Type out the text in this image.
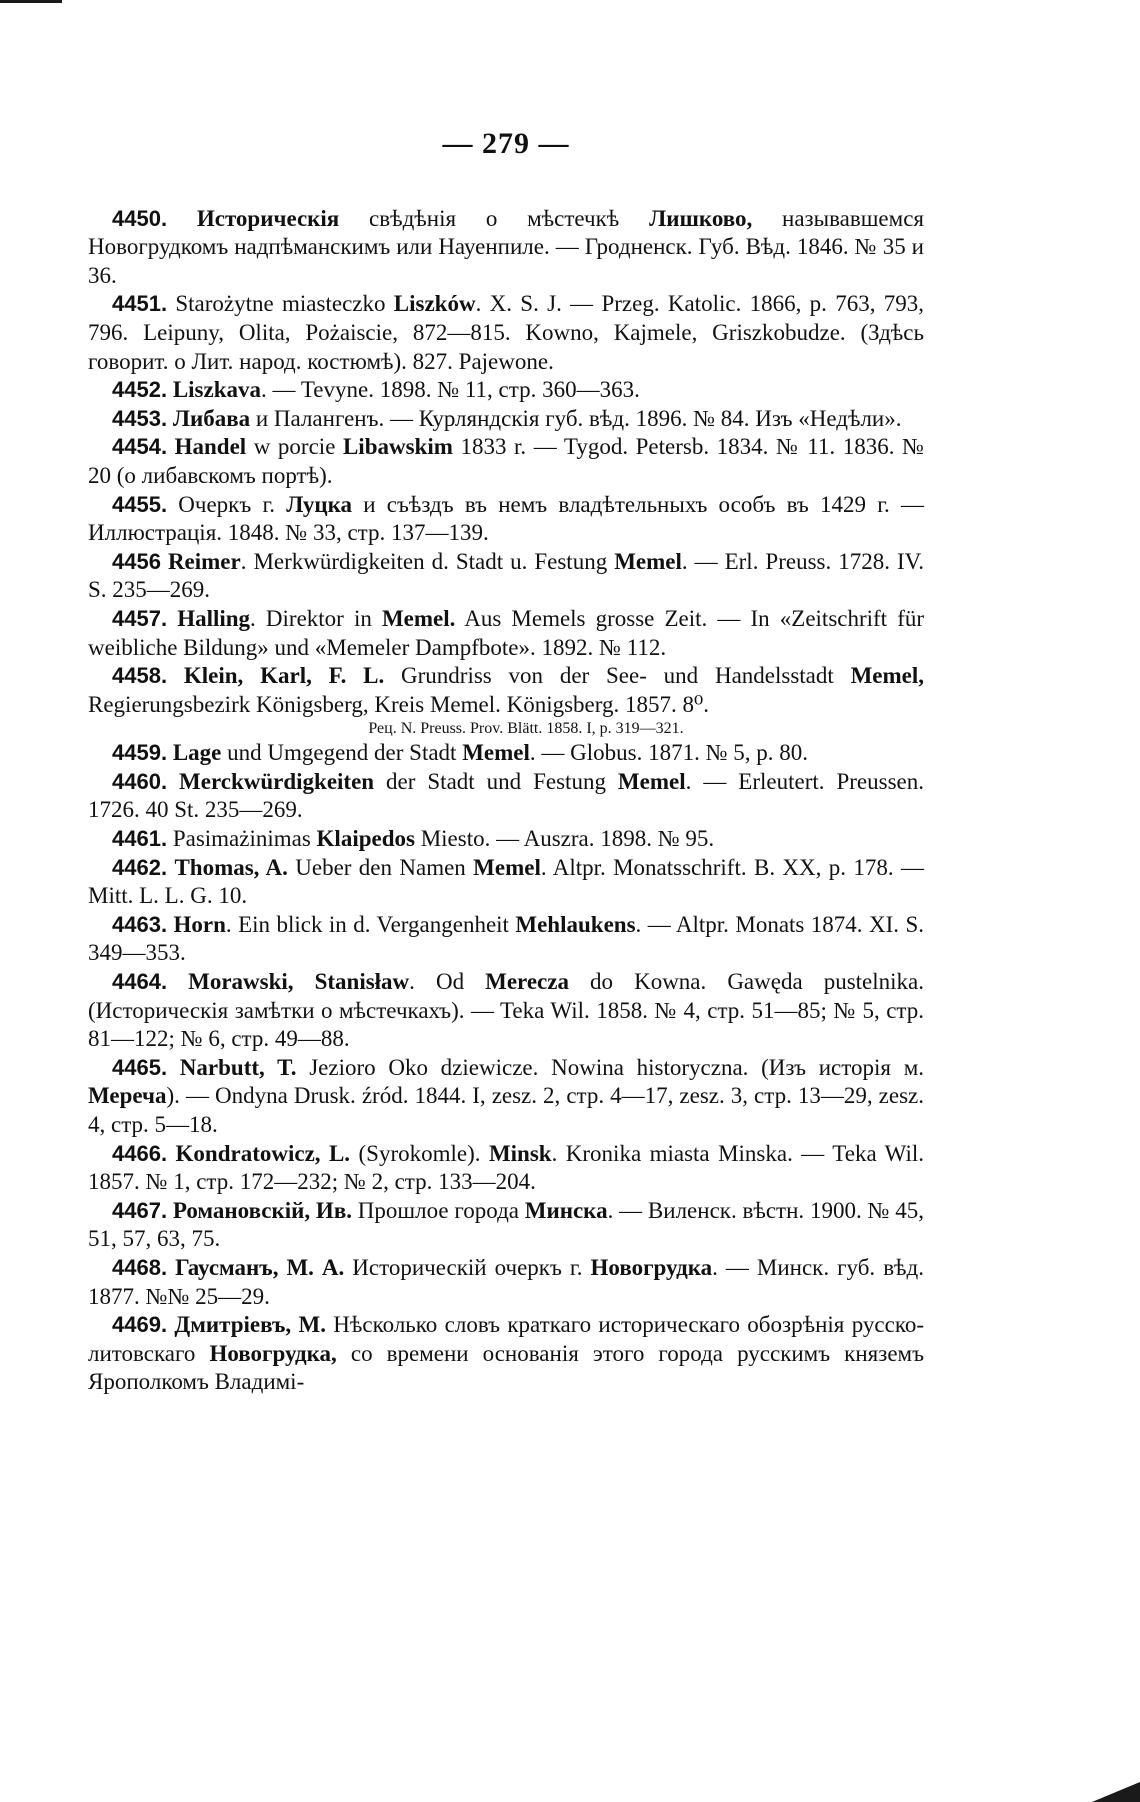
— 279 —

4450. Историческія свѣдѣнія о мѣстечкѣ Лишково, называвшемся Новогрудкомъ надпѣманскимъ или Науенпиле. — Гродненск. Губ. Вѣд. 1846. № 35 и 36.

4451. Starożytne miasteczko Liszków. X. S. J. — Przeg. Katolic. 1866, p. 763, 793, 796. Leipuny, Olita, Pożaiscie, 872—815. Kowno, Kajmele, Griszkobudze. (Здѣсь говорит. о Лит. народ. костюмѣ). 827. Pajewone.

4452. Liszkava. — Tevyne. 1898. № 11, стр. 360—363.

4453. Либава и Палангенъ. — Курляндскія губ. вѣд. 1896. № 84. Изъ «Недѣли».

4454. Handel w porcie Libawskim 1833 r. — Tygod. Petersb. 1834. № 11. 1836. № 20 (о либавскомъ портѣ).

4455. Очеркъ г. Луцка и съѣздъ въ немъ владѣтельныхъ особъ въ 1429 г. — Иллюстрація. 1848. № 33, стр. 137—139.

4456 Reimer. Merkwürdigkeiten d. Stadt u. Festung Memel. — Erl. Preuss. 1728. IV. S. 235—269.

4457. Halling. Direktor in Memel. Aus Memels grosse Zeit. — In «Zeitschrift für weibliche Bildung» und «Memeler Dampfbote». 1892. № 112.

4458. Klein, Karl, F. L. Grundriss von der See- und Handelsstadt Memel, Regierungsbezirk Königsberg, Kreis Memel. Königsberg. 1857. 8⁰.

Рец. N. Preuss. Prov. Blätt. 1858. I, p. 319—321.

4459. Lage und Umgegend der Stadt Memel. — Globus. 1871. № 5, p. 80.

4460. Merckwürdigkeiten der Stadt und Festung Memel. — Erleutert. Preussen. 1726. 40 St. 235—269.

4461. Pasimażinimas Klaipedos Miesto. — Auszra. 1898. № 95.

4462. Thomas, A. Ueber den Namen Memel. Altpr. Monatsschrift. B. XX, p. 178. — Mitt. L. L. G. 10.

4463. Horn. Ein blick in d. Vergangenheit Mehlaukens. — Altpr. Monats 1874. XI. S. 349—353.

4464. Morawski, Stanisław. Od Merecza do Kowna. Gawęda pustelnika. (Историческія замѣтки о мѣстечкахъ). — Teka Wil. 1858. № 4, стр. 51—85; № 5, стр. 81—122; № 6, стр. 49—88.

4465. Narbutt, T. Jezioro Oko dziewicze. Nowina historyczna. (Изъ исторія м. Мереча). — Ondyna Drusk. źród. 1844. I, zesz. 2, стр. 4—17, zesz. 3, стр. 13—29, zesz. 4, стр. 5—18.

4466. Kondratowicz, L. (Syrokomle). Minsk. Kronika miasta Minska. — Teka Wil. 1857. № 1, стр. 172—232; № 2, стр. 133—204.

4467. Романовскій, Ив. Прошлое города Минска. — Виленск. вѣстн. 1900. № 45, 51, 57, 63, 75.

4468. Гаусманъ, М. А. Историческій очеркъ г. Новогрудка. — Минск. губ. вѣд. 1877. №№ 25—29.

4469. Дмитріевъ, М. Нѣсколько словъ краткаго историческаго обозрѣнія русско-литовскаго Новогрудка, со времени основанія этого города русскимъ княземъ Ярополкомъ Владимі-
